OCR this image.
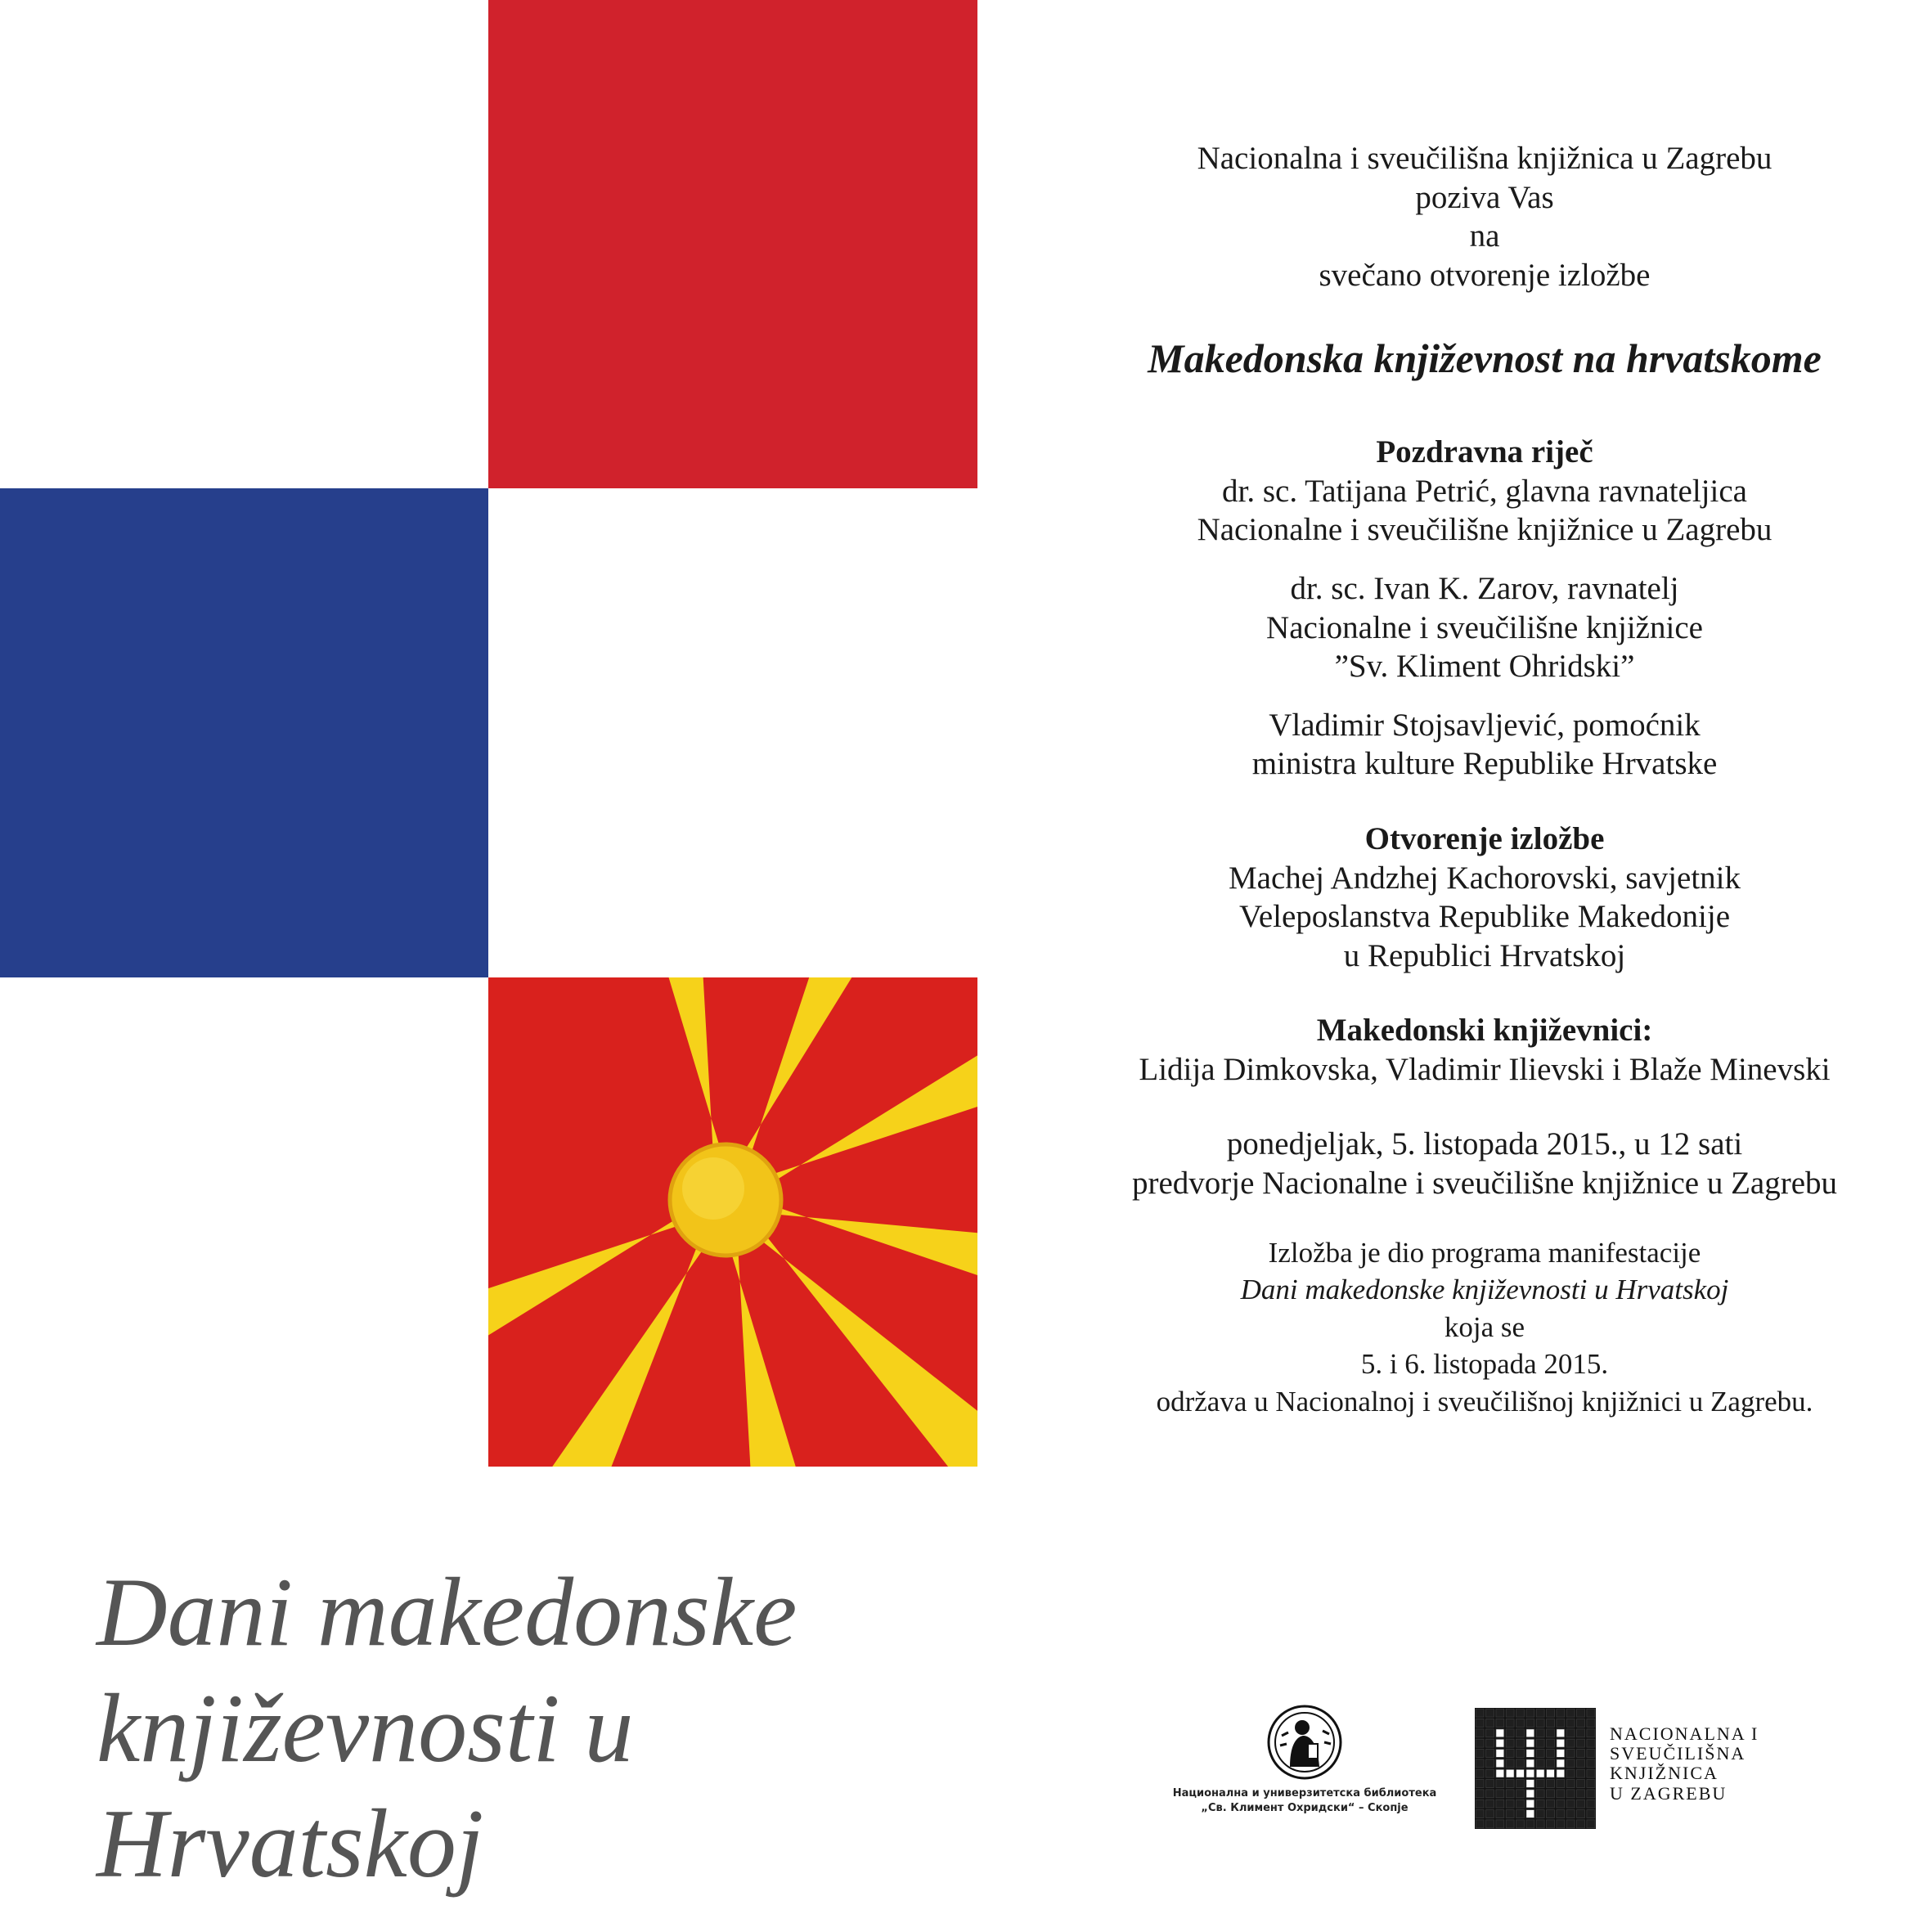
Dani makedonske
književnosti u
Hrvatskoj
Nacionalna i sveučilišna knjižnica u Zagrebu
poziva Vas
na
svečano otvorenje izložbe
Makedonska književnost na hrvatskome
Pozdravna riječ
dr. sc. Tatijana Petrić, glavna ravnateljica
Nacionalne i sveučilišne knjižnice u Zagrebu
dr. sc. Ivan K. Zarov, ravnatelj
Nacionalne i sveučilišne knjižnice
”Sv. Kliment Ohridski”
Vladimir Stojsavljević, pomoćnik
ministra kulture Republike Hrvatske
Otvorenje izložbe
Machej Andzhej Kachorovski, savjetnik
Veleposlanstva Republike Makedonije
u Republici Hrvatskoj
Makedonski književnici:
Lidija Dimkovska, Vladimir Ilievski i Blaže Minevski
ponedjeljak, 5. listopada 2015., u 12 sati
predvorje Nacionalne i sveučilišne knjižnice u Zagrebu
Izložba je dio programa manifestacije
Dani makedonske književnosti u Hrvatskoj
koja se
5. i 6. listopada 2015.
održava u Nacionalnoj i sveučilišnoj knjižnici u Zagrebu.
Национална и универзитетска библиотека
„Св. Климент Охридски“ – Скопје
NACIONALNA I
SVEUČILIŠNA
KNJIŽNICA
U ZAGREBU
